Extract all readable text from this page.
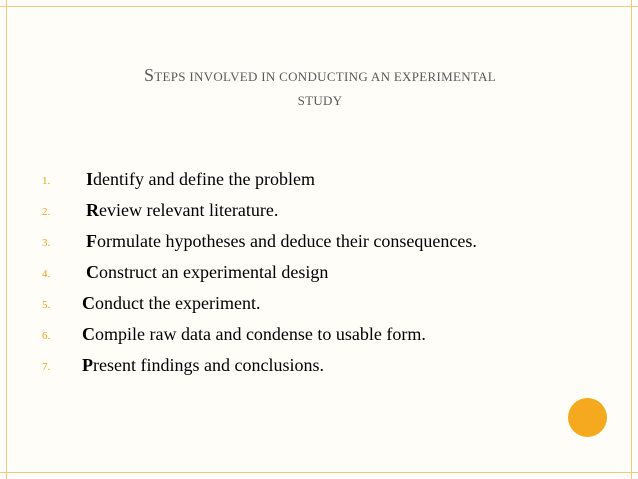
STEPS INVOLVED IN CONDUCTING AN EXPERIMENTAL
STUDY
1. Identify and define the problem
2. Review relevant literature.
3. Formulate hypotheses and deduce their consequences.
4. Construct an experimental design
5. Conduct the experiment.
6. Compile raw data and condense to usable form.
7. Present findings and conclusions.
